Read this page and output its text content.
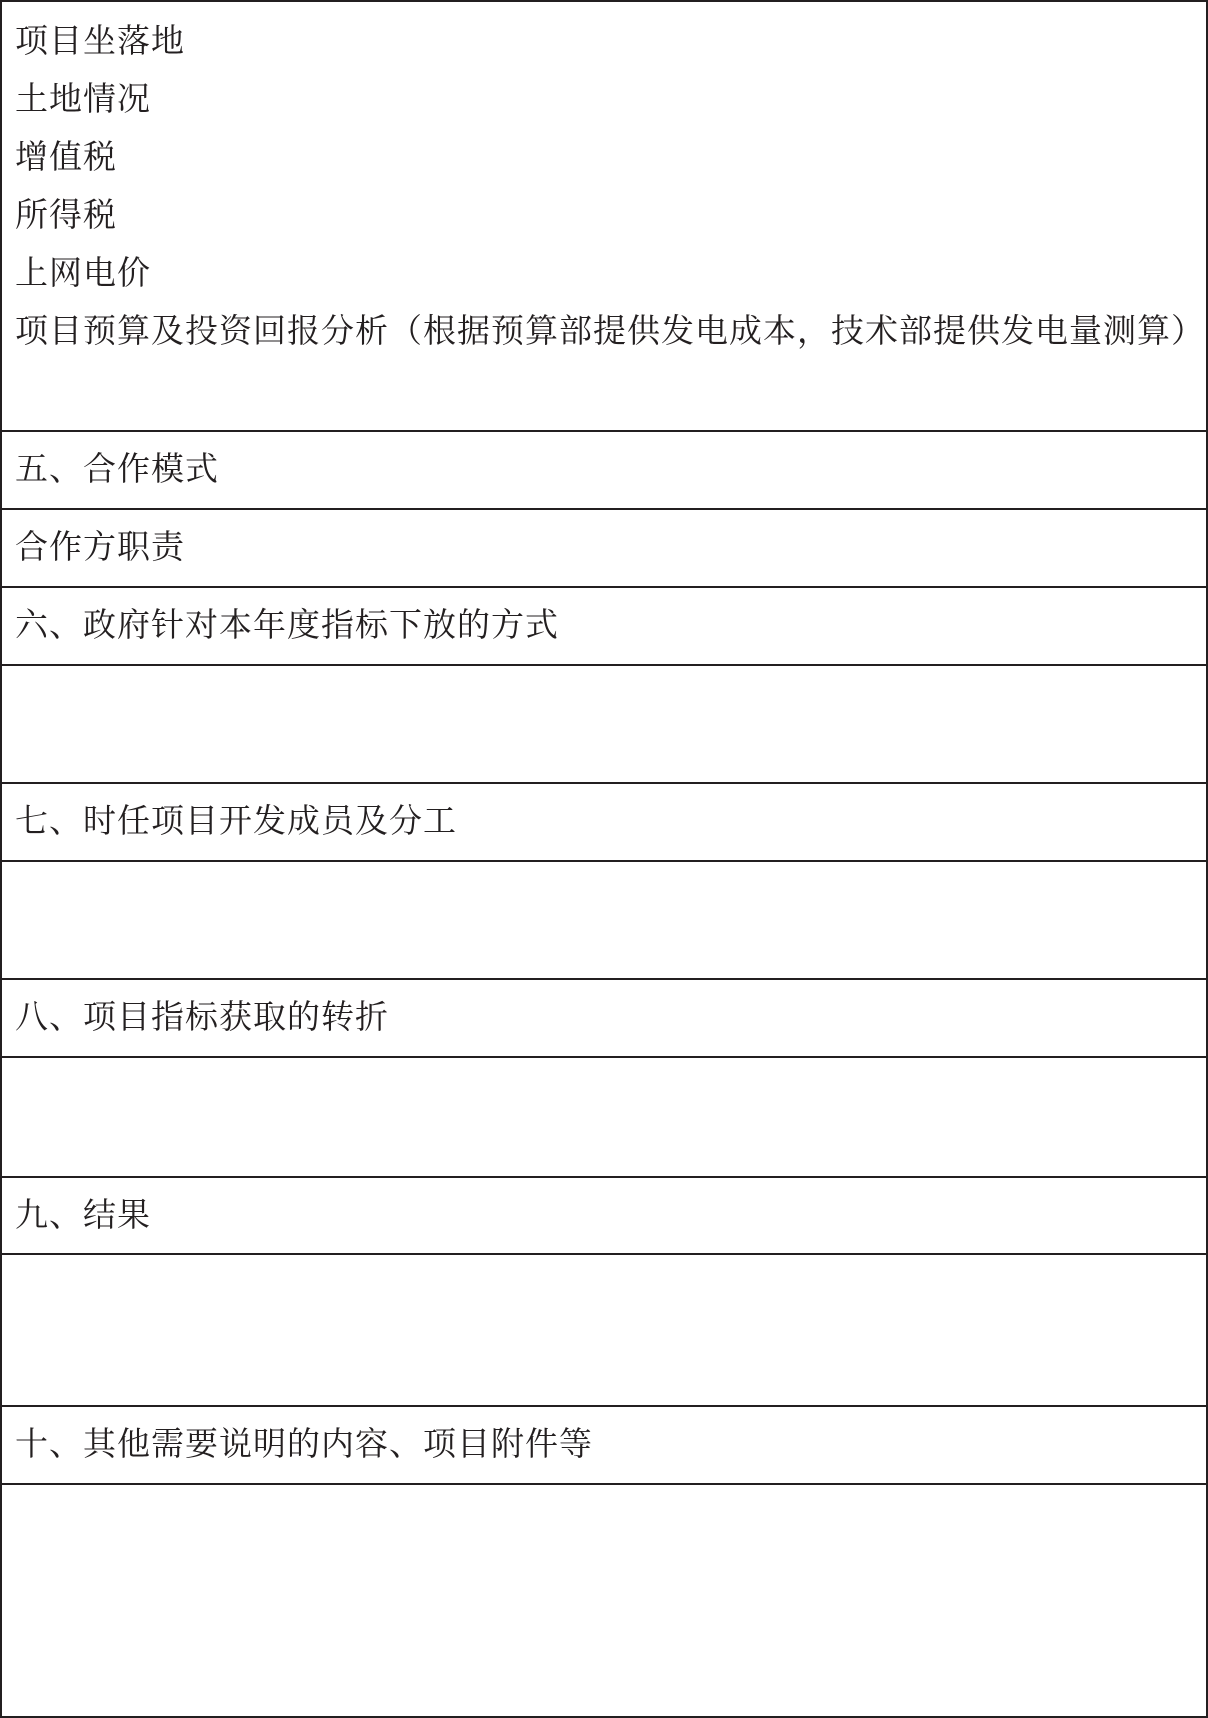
项目坐落地
土地情况
增值税
所得税
上网电价
项目预算及投资回报分析（根据预算部提供发电成本，技术部提供发电量测算）
五、合作模式
合作方职责
六、政府针对本年度指标下放的方式
七、时任项目开发成员及分工
八、项目指标获取的转折
九、结果
十、其他需要说明的内容、项目附件等
